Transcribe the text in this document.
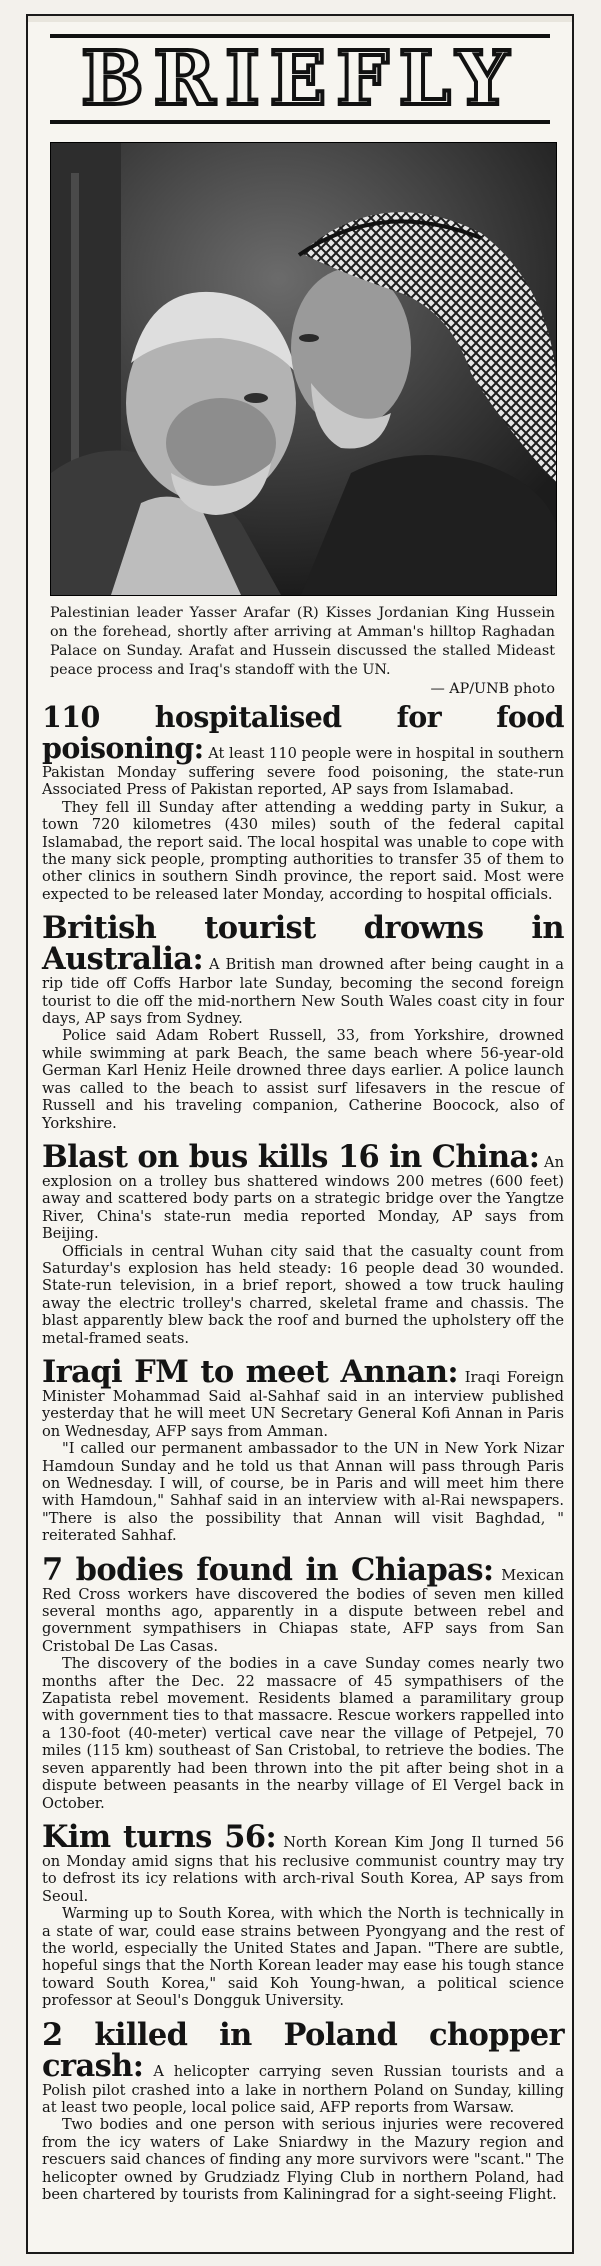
BRIEFLY
Palestinian leader Yasser Arafar (R) Kisses Jordanian King Hussein on the forehead, shortly after arriving at Amman's hilltop Raghadan Palace on Sunday. Arafat and Hussein discussed the stalled Mideast peace process and Iraq's standoff with the UN.
— AP/UNB photo

110 hospitalised for food poisoning: At least 110 people were in hospital in southern Pakistan Monday suffering severe food poisoning, the state-run Associated Press of Pakistan reported, AP says from Islamabad.

They fell ill Sunday after attending a wedding party in Sukur, a town 720 kilometres (430 miles) south of the federal capital Islamabad, the report said. The local hospital was unable to cope with the many sick people, prompting authorities to transfer 35 of them to other clinics in southern Sindh province, the report said. Most were expected to be released later Monday, according to hospital officials.

British tourist drowns in Australia: A British man drowned after being caught in a rip tide off Coffs Harbor late Sunday, becoming the second foreign tourist to die off the mid-northern New South Wales coast city in four days, AP says from Sydney.

Police said Adam Robert Russell, 33, from Yorkshire, drowned while swimming at park Beach, the same beach where 56-year-old German Karl Heniz Heile drowned three days earlier. A police launch was called to the beach to assist surf lifesavers in the rescue of Russell and his traveling companion, Catherine Boocock, also of Yorkshire.

Blast on bus kills 16 in China: An explosion on a trolley bus shattered windows 200 metres (600 feet) away and scattered body parts on a strategic bridge over the Yangtze River, China's state-run media reported Monday, AP says from Beijing.

Officials in central Wuhan city said that the casualty count from Saturday's explosion has held steady: 16 people dead 30 wounded. State-run television, in a brief report, showed a tow truck hauling away the electric trolley's charred, skeletal frame and chassis. The blast apparently blew back the roof and burned the upholstery off the metal-framed seats.

Iraqi FM to meet Annan: Iraqi Foreign Minister Mohammad Said al-Sahhaf said in an interview published yesterday that he will meet UN Secretary General Kofi Annan in Paris on Wednesday, AFP says from Amman.

"I called our permanent ambassador to the UN in New York Nizar Hamdoun Sunday and he told us that Annan will pass through Paris on Wednesday. I will, of course, be in Paris and will meet him there with Hamdoun," Sahhaf said in an interview with al-Rai newspapers. "There is also the possibility that Annan will visit Baghdad, " reiterated Sahhaf.

7 bodies found in Chiapas: Mexican Red Cross workers have discovered the bodies of seven men killed several months ago, apparently in a dispute between rebel and government sympathisers in Chiapas state, AFP says from San Cristobal De Las Casas.

The discovery of the bodies in a cave Sunday comes nearly two months after the Dec. 22 massacre of 45 sympathisers of the Zapatista rebel movement. Residents blamed a paramilitary group with government ties to that massacre. Rescue workers rappelled into a 130-foot (40-meter) vertical cave near the village of Petpejel, 70 miles (115 km) southeast of San Cristobal, to retrieve the bodies. The seven apparently had been thrown into the pit after being shot in a dispute between peasants in the nearby village of El Vergel back in October.

Kim turns 56: North Korean Kim Jong Il turned 56 on Monday amid signs that his reclusive communist country may try to defrost its icy relations with arch-rival South Korea, AP says from Seoul.

Warming up to South Korea, with which the North is technically in a state of war, could ease strains between Pyongyang and the rest of the world, especially the United States and Japan. "There are subtle, hopeful sings that the North Korean leader may ease his tough stance toward South Korea," said Koh Young-hwan, a political science professor at Seoul's Dongguk University.

2 killed in Poland chopper crash: A helicopter carrying seven Russian tourists and a Polish pilot crashed into a lake in northern Poland on Sunday, killing at least two people, local police said, AFP reports from Warsaw.

Two bodies and one person with serious injuries were recovered from the icy waters of Lake Sniardwy in the Mazury region and rescuers said chances of finding any more survivors were "scant." The helicopter owned by Grudziadz Flying Club in northern Poland, had been chartered by tourists from Kaliningrad for a sight-seeing Flight.
